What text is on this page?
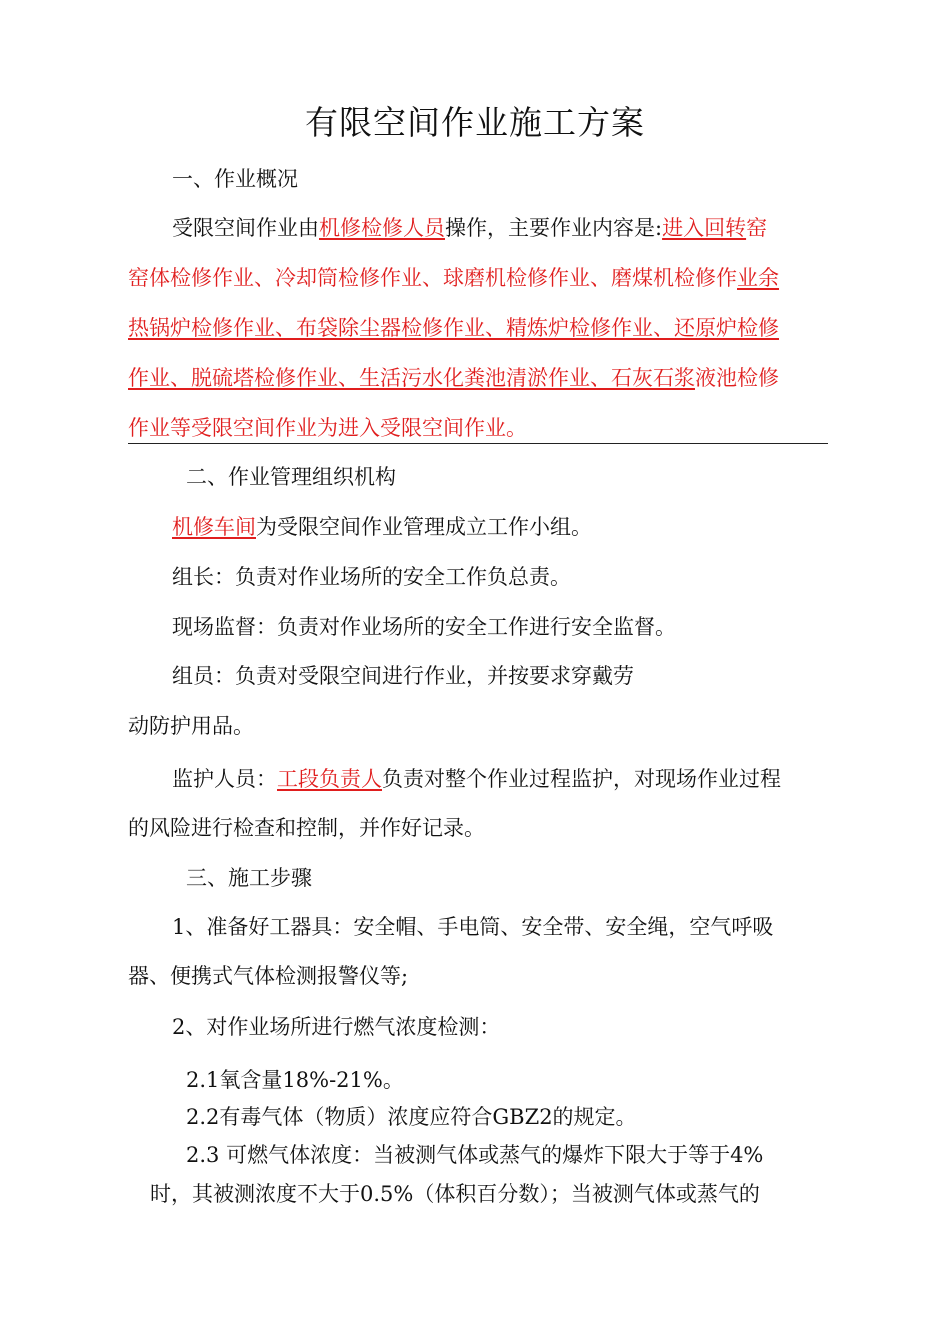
有限空间作业施工方案
一、作业概况
受限空间作业由机修检修人员操作，主要作业内容是:进入回转窑
窑体检修作业、冷却筒检修作业、球磨机检修作业、磨煤机检修作业余
热锅炉检修作业、布袋除尘器检修作业、精炼炉检修作业、还原炉检修
作业、脱硫塔检修作业、生活污水化粪池清淤作业、石灰石浆液池检修
作业等受限空间作业为进入受限空间作业。
二、作业管理组织机构
机修车间为受限空间作业管理成立工作小组。
组长：负责对作业场所的安全工作负总责。
现场监督：负责对作业场所的安全工作进行安全监督。
组员：负责对受限空间进行作业，并按要求穿戴劳
动防护用品。
监护人员：工段负责人负责对整个作业过程监护，对现场作业过程
的风险进行检查和控制，并作好记录。
三、施工步骤
1、准备好工器具：安全帽、手电筒、安全带、安全绳，空气呼吸
器、便携式气体检测报警仪等;
2、对作业场所进行燃气浓度检测：
2.1氧含量18%-21%。
2.2有毒气体（物质）浓度应符合GBZ2的规定。
2.3 可燃气体浓度：当被测气体或蒸气的爆炸下限大于等于4%
时，其被测浓度不大于0.5%（体积百分数）；当被测气体或蒸气的
